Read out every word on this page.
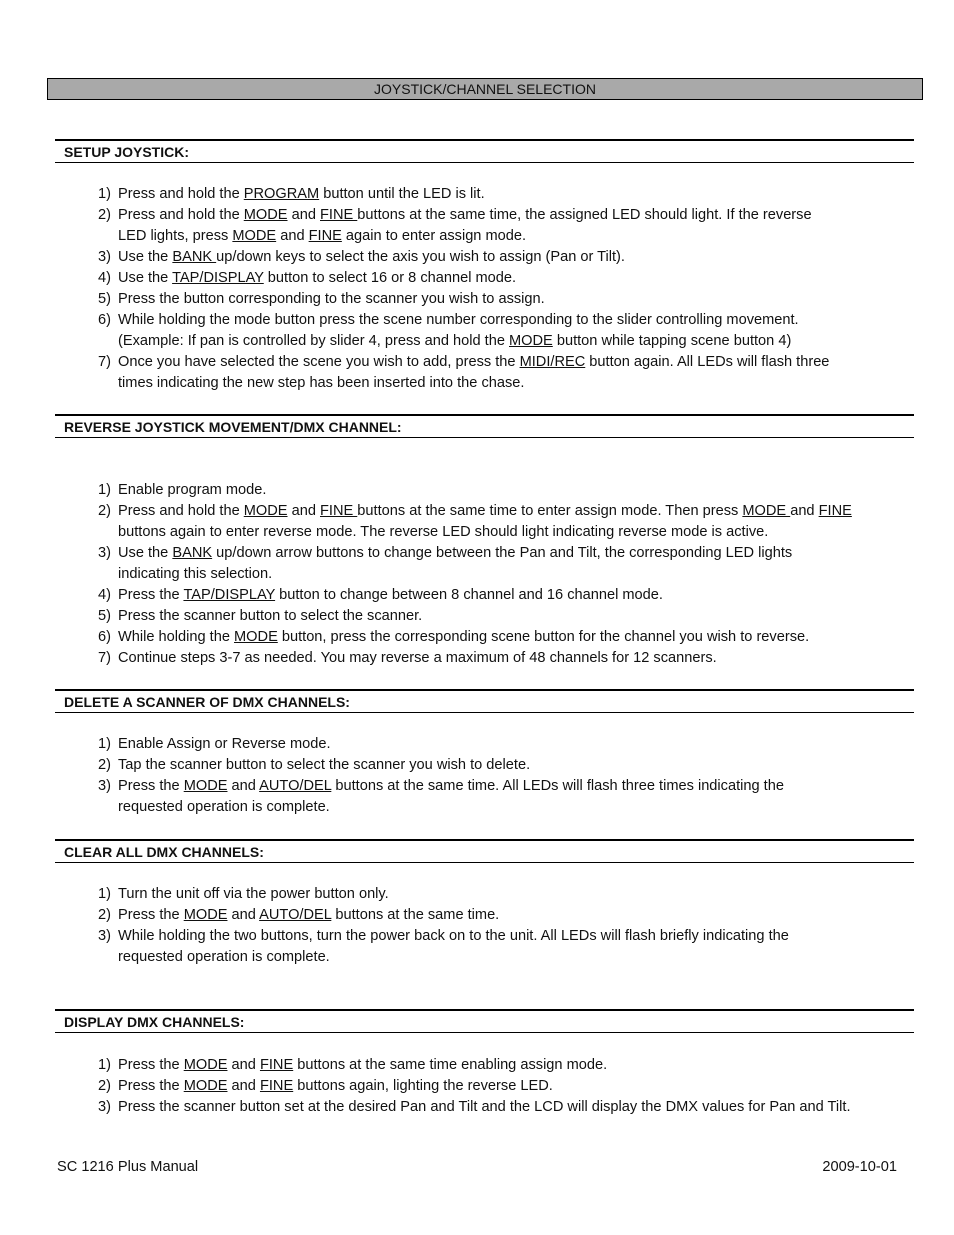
JOYSTICK/CHANNEL SELECTION
SETUP JOYSTICK:
1) Press and hold the PROGRAM button until the LED is lit.
2) Press and hold the MODE and FINE buttons at the same time, the assigned LED should light. If the reverse
LED lights, press MODE and FINE again to enter assign mode.
3) Use the BANK up/down keys to select the axis you wish to assign (Pan or Tilt).
4) Use the TAP/DISPLAY button to select 16 or 8 channel mode.
5) Press the button corresponding to the scanner you wish to assign.
6) While holding the mode button press the scene number corresponding to the slider controlling movement.
(Example: If pan is controlled by slider 4, press and hold the MODE button while tapping scene button 4)
7) Once you have selected the scene you wish to add, press the MIDI/REC button again. All LEDs will flash three
times indicating the new step has been inserted into the chase.
REVERSE JOYSTICK MOVEMENT/DMX CHANNEL:
1) Enable program mode.
2) Press and hold the MODE and FINE buttons at the same time to enter assign mode. Then press MODE and FINE
buttons again to enter reverse mode. The reverse LED should light indicating reverse mode is active.
3) Use the BANK up/down arrow buttons to change between the Pan and Tilt, the corresponding LED lights
indicating this selection.
4) Press the TAP/DISPLAY button to change between 8 channel and 16 channel mode.
5) Press the scanner button to select the scanner.
6) While holding the MODE button, press the corresponding scene button for the channel you wish to reverse.
7) Continue steps 3-7 as needed. You may reverse a maximum of 48 channels for 12 scanners.
DELETE A SCANNER OF DMX CHANNELS:
1) Enable Assign or Reverse mode.
2) Tap the scanner button to select the scanner you wish to delete.
3) Press the MODE and AUTO/DEL buttons at the same time. All LEDs will flash three times indicating the
requested operation is complete.
CLEAR ALL DMX CHANNELS:
1) Turn the unit off via the power button only.
2) Press the MODE and AUTO/DEL buttons at the same time.
3) While holding the two buttons, turn the power back on to the unit. All LEDs will flash briefly indicating the
requested operation is complete.
DISPLAY DMX CHANNELS:
1) Press the MODE and FINE buttons at the same time enabling assign mode.
2) Press the MODE and FINE buttons again, lighting the reverse LED.
3) Press the scanner button set at the desired Pan and Tilt and the LCD will display the DMX values for Pan and Tilt.
SC 1216 Plus Manual	2009-10-01
